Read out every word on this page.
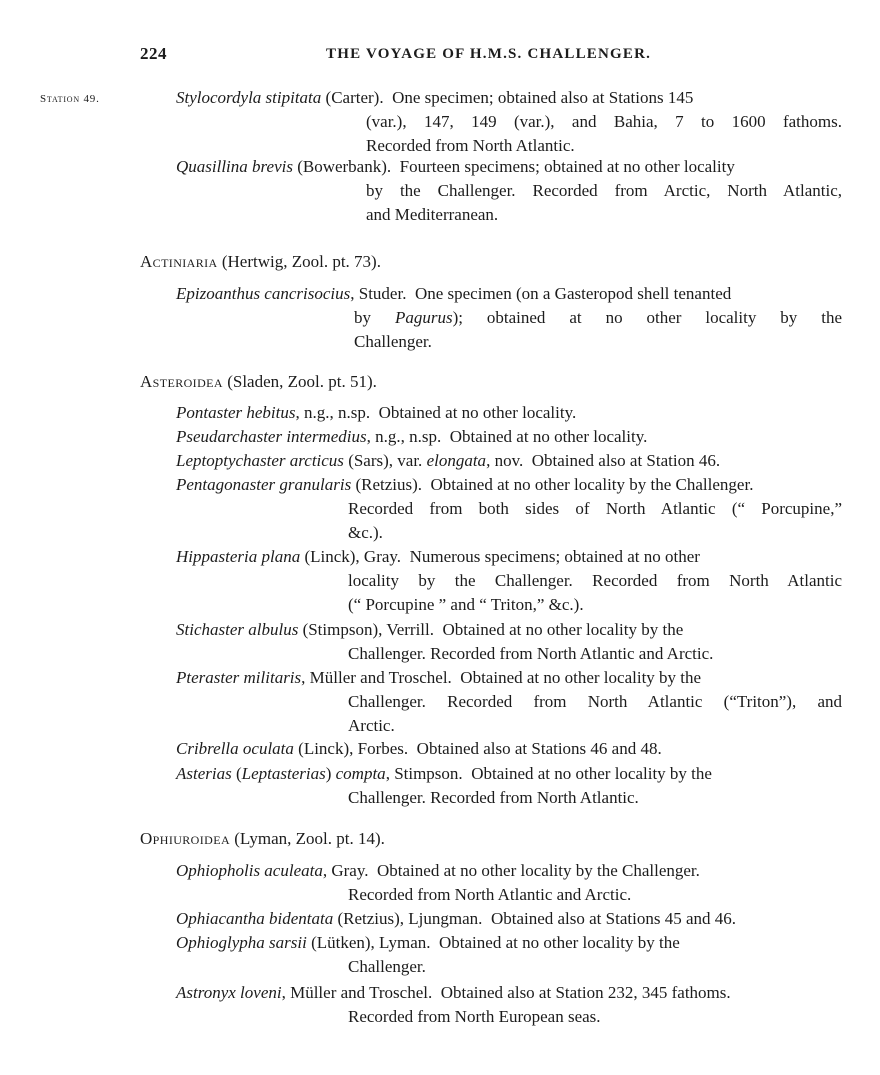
224	THE VOYAGE OF H.M.S. CHALLENGER.
Station 49.	Stylocordyla stipitata (Carter).  One specimen; obtained also at Stations 145
(var.), 147, 149 (var.), and Bahia, 7 to 1600 fathoms.
Recorded from North Atlantic.
Quasillina brevis (Bowerbank).  Fourteen specimens; obtained at no other locality
by the Challenger. Recorded from Arctic, North Atlantic,
and Mediterranean.
Actiniaria (Hertwig, Zool. pt. 73).
Epizoanthus cancrisocius, Studer.  One specimen (on a Gasteropod shell tenanted
by Pagurus); obtained at no other locality by the
Challenger.
Asteroidea (Sladen, Zool. pt. 51).
Pontaster hebitus, n.g., n.sp.  Obtained at no other locality.
Pseudarchaster intermedius, n.g., n.sp.  Obtained at no other locality.
Leptoptychaster arcticus (Sars), var. elongata, nov.  Obtained also at Station 46.
Pentagonaster granularis (Retzius).  Obtained at no other locality by the Challenger.
Recorded from both sides of North Atlantic (“ Porcupine,”
&c.).
Hippasteria plana (Linck), Gray.  Numerous specimens; obtained at no other
locality by the Challenger. Recorded from North Atlantic
(“ Porcupine ” and “ Triton,” &c.).
Stichaster albulus (Stimpson), Verrill.  Obtained at no other locality by the
Challenger. Recorded from North Atlantic and Arctic.
Pteraster militaris, Müller and Troschel.  Obtained at no other locality by the
Challenger. Recorded from North Atlantic (“Triton”), and
Arctic.
Cribrella oculata (Linck), Forbes.  Obtained also at Stations 46 and 48.
Asterias (Leptasterias) compta, Stimpson.  Obtained at no other locality by the
Challenger. Recorded from North Atlantic.
Ophiuroidea (Lyman, Zool. pt. 14).
Ophiopholis aculeata, Gray.  Obtained at no other locality by the Challenger.
Recorded from North Atlantic and Arctic.
Ophiacantha bidentata (Retzius), Ljungman.  Obtained also at Stations 45 and 46.
Ophioglypha sarsii (Lütken), Lyman.  Obtained at no other locality by the
Challenger.
Astronyx loveni, Müller and Troschel.  Obtained also at Station 232, 345 fathoms.
Recorded from North European seas.
